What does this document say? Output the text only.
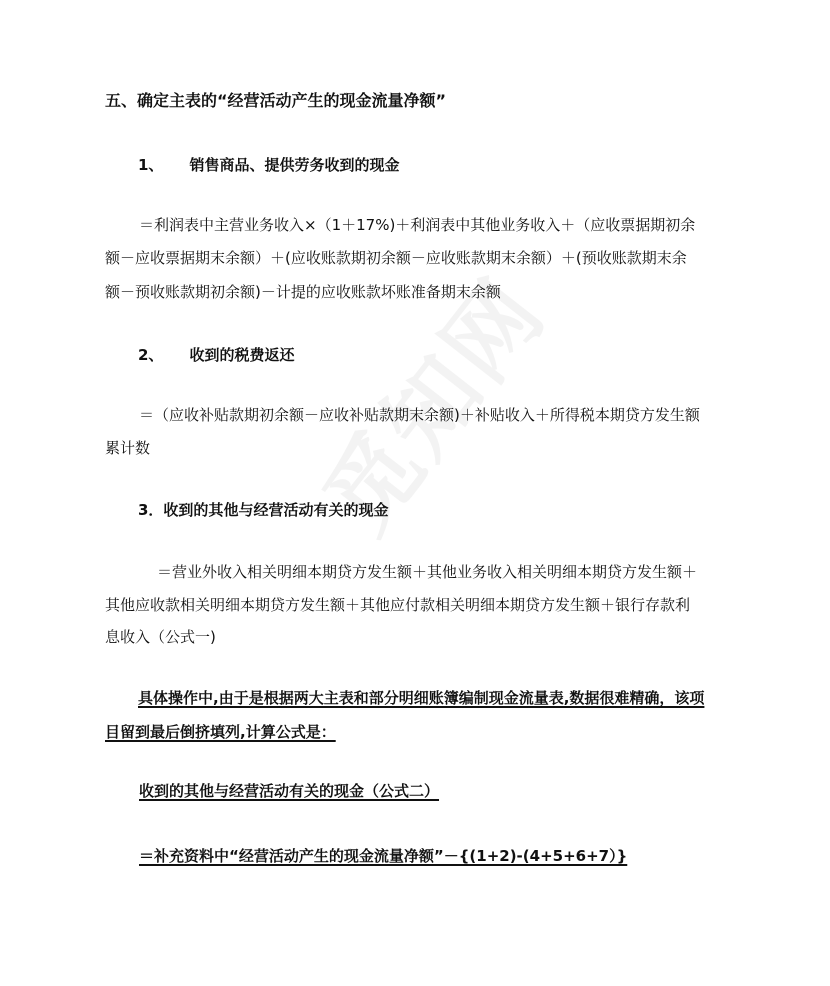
五、确定主表的“经营活动产生的现金流量净额”
1、 销售商品、提供劳务收到的现金
＝利润表中主营业务收入×（1＋17%)＋利润表中其他业务收入＋（应收票据期初余
额－应收票据期末余额）＋(应收账款期初余额－应收账款期末余额）＋(预收账款期末余
额－预收账款期初余额)－计提的应收账款坏账准备期末余额
2、 收到的税费返还
＝（应收补贴款期初余额－应收补贴款期末余额)＋补贴收入＋所得税本期贷方发生额
累计数
3．收到的其他与经营活动有关的现金
＝营业外收入相关明细本期贷方发生额＋其他业务收入相关明细本期贷方发生额＋
其他应收款相关明细本期贷方发生额＋其他应付款相关明细本期贷方发生额＋银行存款利
息收入（公式一)
具体操作中,由于是根据两大主表和部分明细账簿编制现金流量表,数据很难精确，该项
目留到最后倒挤填列,计算公式是：
收到的其他与经营活动有关的现金（公式二）
＝补充资料中“经营活动产生的现金流量净额”－{(1+2)-(4+5+6+7）}
